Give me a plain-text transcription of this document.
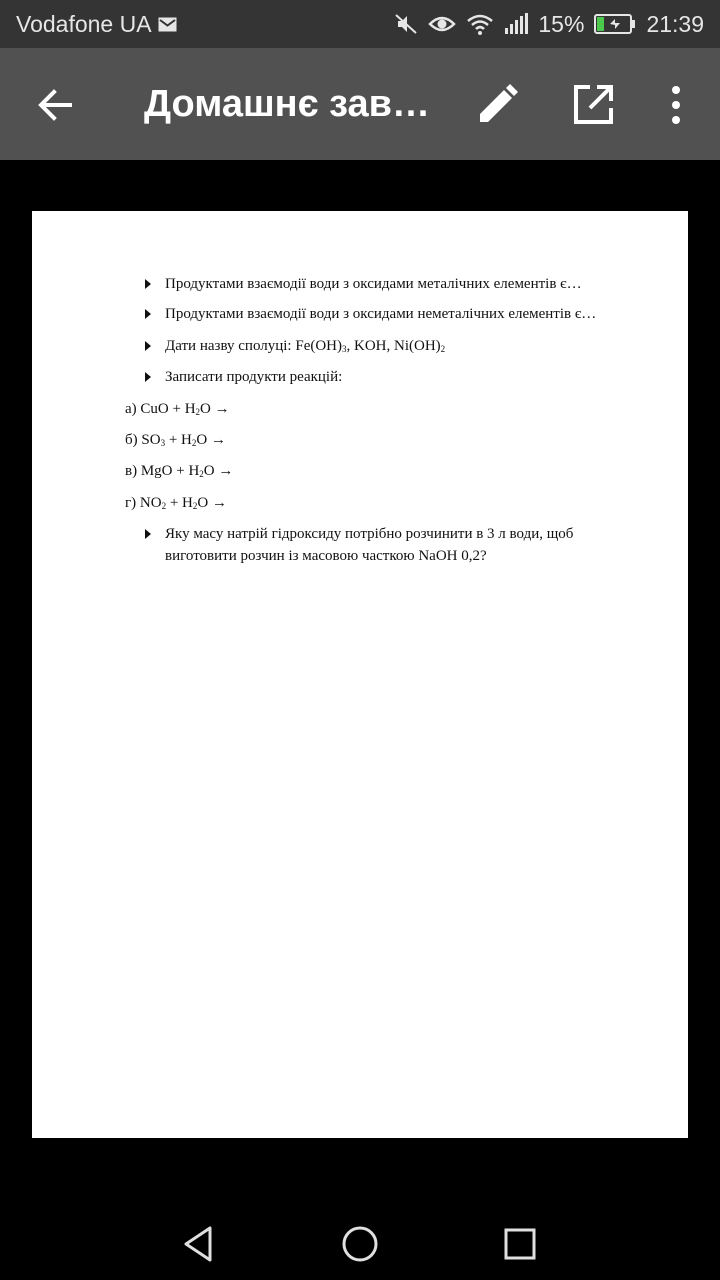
Vodafone UA	15%	21:39
Домашнє зав…
Продуктами взаємодії води з оксидами металічних елементів є…
Продуктами взаємодії води з оксидами неметалічних елементів є…
Дати назву сполуці: $Fe(OH)_3$, KOH, $Ni(OH)_2$
Записати продукти реакцій:
а) CuO + $H_2O$ →
б) $SO_3 + H_2O$ →
в) MgO + $H_2O$ →
г) $NO_2 + H_2O$ →
Яку масу натрій гідроксиду потрібно розчинити в 3 л води, щоб
виготовити розчин із масовою часткою NaOH 0,2?
